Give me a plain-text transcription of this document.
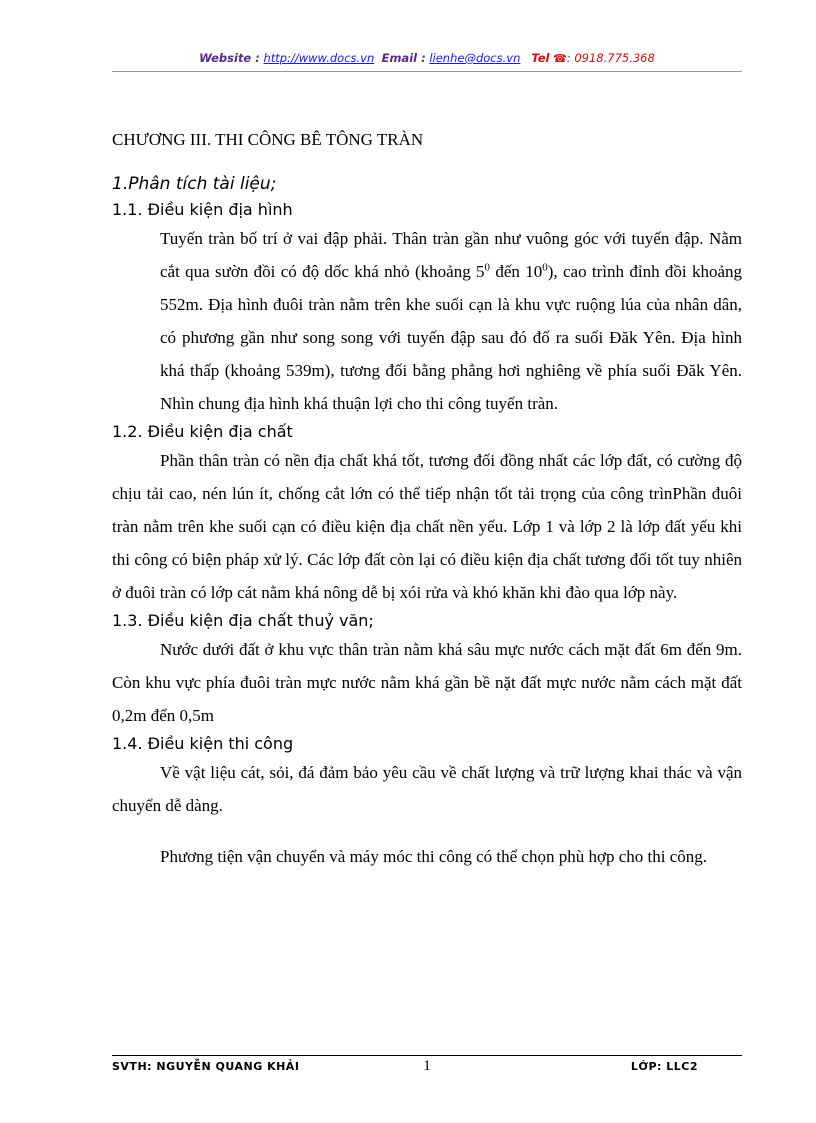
Website : http://www.docs.vn Email : lienhe@docs.vn Tel ☎: 0918.775.368
CHƯƠNG III. THI CÔNG BÊ TÔNG TRÀN
1.Phân tích tài liệu;
1.1. Điều kiện địa hình

Tuyến tràn bố trí ở vai đập phải. Thân tràn gần như vuông góc với tuyến đập. Nằm cắt qua sườn đồi có độ dốc khá nhỏ (khoảng $5^0$ đến $10^0$), cao trình đỉnh đồi khoảng 552m. Địa hình đuôi tràn nằm trên khe suối cạn là khu vực ruộng lúa của nhân dân, có phương gần như song song với tuyến đập sau đó đổ ra suối Đăk Yên. Địa hình khá thấp (khoảng 539m), tương đối bằng phẳng hơi nghiêng về phía suối Đăk Yên. Nhìn chung địa hình khá thuận lợi cho thi công tuyến tràn.

1.2. Điều kiện địa chất

Phần thân tràn có nền địa chất khá tốt, tương đối đồng nhất các lớp đất, có cường độ chịu tải cao, nén lún ít, chống cắt lớn có thể tiếp nhận tốt tải trọng của công trìnPhần đuôi tràn nằm trên khe suối cạn có điều kiện địa chất nền yếu. Lớp 1 và lớp 2 là lớp đất yếu khi thi công có biện pháp xử lý. Các lớp đất còn lại có điều kiện địa chất tương đối tốt tuy nhiên ở đuôi tràn có lớp cát nằm khá nông dễ bị xói rửa và khó khăn khi đào qua lớp này.

1.3. Điều kiện địa chất thuỷ văn;

Nước dưới đất ở khu vực thân tràn nằm khá sâu mực nước cách mặt đất 6m đến 9m. Còn khu vực phía đuôi tràn mực nước nằm khá gần bề nặt đất mực nước nằm cách mặt đất 0,2m đến 0,5m

1.4. Điều kiện thi công

Về vật liệu cát, sỏi, đá đảm bảo yêu cầu về chất lượng và trữ lượng khai thác và vận chuyển dễ dàng.

Phương tiện vận chuyển và máy móc thi công có thể chọn phù hợp cho thi công.

SVTH: NGUYỄN QUANG KHẢI	1	LỚP: LLC2
